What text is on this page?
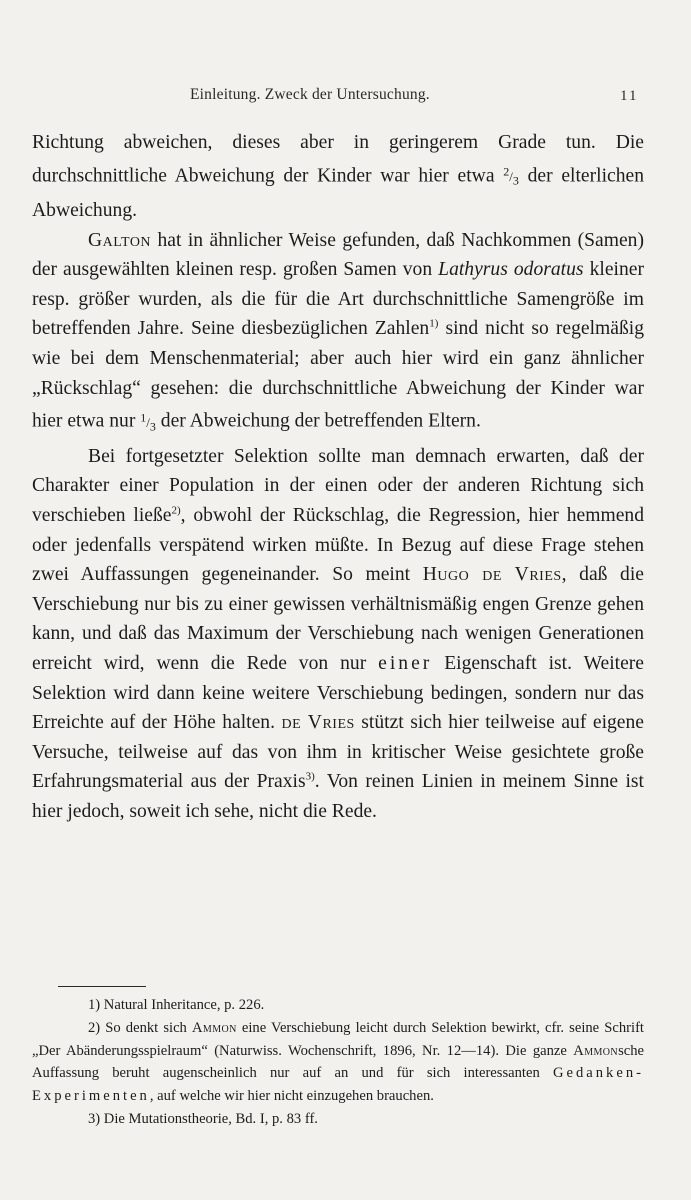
Einleitung. Zweck der Untersuchung.	11

Richtung abweichen, dieses aber in geringerem Grade tun. Die durchschnittliche Abweichung der Kinder war hier etwa $^2/_3$ der elterlichen Abweichung.

Galton hat in ähnlicher Weise gefunden, daß Nachkommen (Samen) der ausgewählten kleinen resp. großen Samen von Lathyrus odoratus kleiner resp. größer wurden, als die für die Art durchschnittliche Samengröße im betreffenden Jahre. Seine diesbezüglichen Zahlen$^{1)}$ sind nicht so regelmäßig wie bei dem Menschenmaterial; aber auch hier wird ein ganz ähnlicher „Rückschlag“ gesehen: die durchschnittliche Abweichung der Kinder war hier etwa nur $^1/_3$ der Abweichung der betreffenden Eltern.

Bei fortgesetzter Selektion sollte man demnach erwarten, daß der Charakter einer Population in der einen oder der anderen Richtung sich verschieben ließe$^{2)}$, obwohl der Rückschlag, die Regression, hier hemmend oder jedenfalls verspätend wirken müßte. In Bezug auf diese Frage stehen zwei Auffassungen gegeneinander. So meint Hugo de Vries, daß die Verschiebung nur bis zu einer gewissen verhältnismäßig engen Grenze gehen kann, und daß das Maximum der Verschiebung nach wenigen Generationen erreicht wird, wenn die Rede von nur einer Eigenschaft ist. Weitere Selektion wird dann keine weitere Verschiebung bedingen, sondern nur das Erreichte auf der Höhe halten. de Vries stützt sich hier teilweise auf eigene Versuche, teilweise auf das von ihm in kritischer Weise gesichtete große Erfahrungsmaterial aus der Praxis$^{3)}$. Von reinen Linien in meinem Sinne ist hier jedoch, soweit ich sehe, nicht die Rede.

1) Natural Inheritance, p. 226.

2) So denkt sich Ammon eine Verschiebung leicht durch Selektion bewirkt, cfr. seine Schrift „Der Abänderungsspielraum“ (Naturwiss. Wochenschrift, 1896, Nr. 12—14). Die ganze Ammonsche Auffassung beruht augenscheinlich nur auf an und für sich interessanten Gedanken-Experimenten, auf welche wir hier nicht einzugehen brauchen.

3) Die Mutationstheorie, Bd. I, p. 83 ff.
